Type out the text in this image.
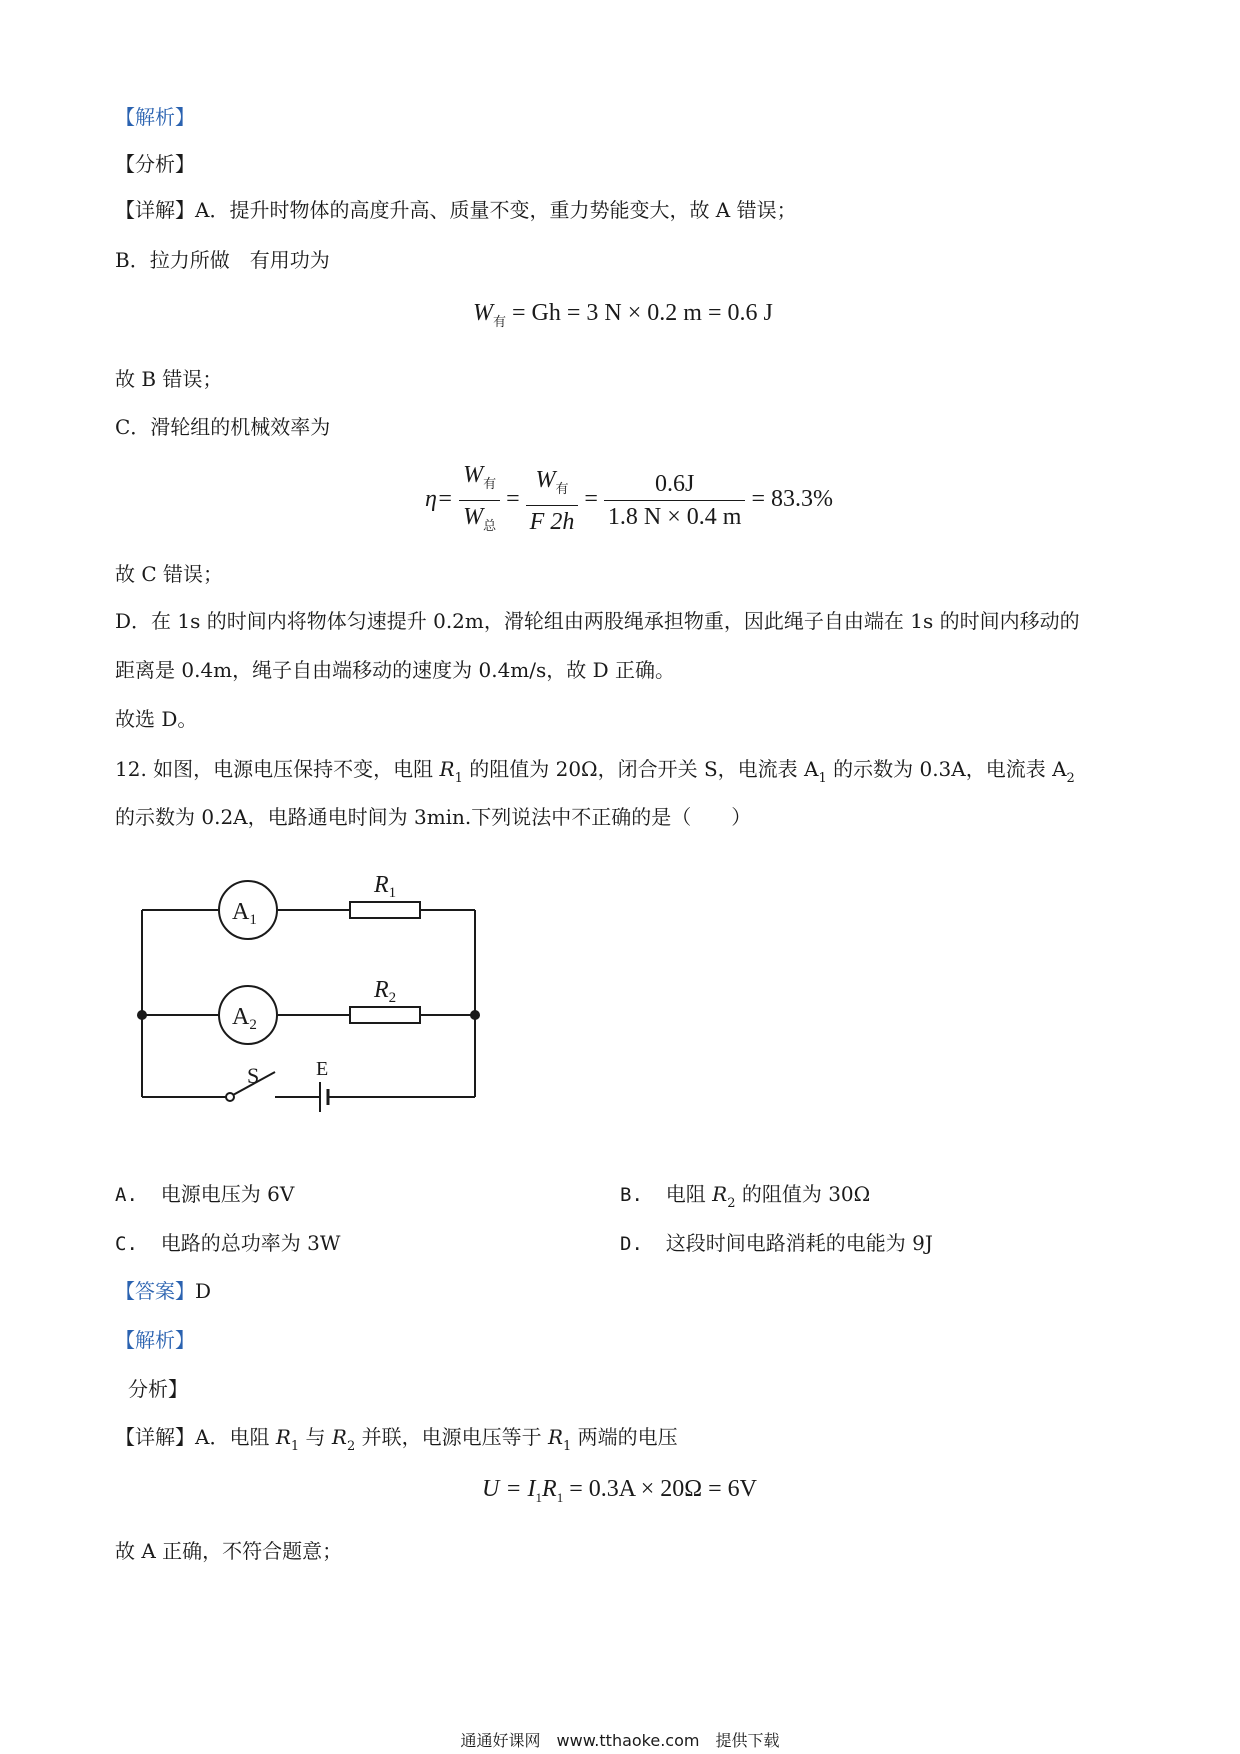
【解析】
【分析】
【详解】A．提升时物体的高度升高、质量不变，重力势能变大，故 A 错误；
B．拉力所做　有用功为
$W_有 = Gh = 3$ N × 0.2 m = 0.6 J
故 B 错误；
C．滑轮组的机械效率为
$\eta= \frac{W_有}{W_总} = \frac{W_有}{F 2h} = \frac{0.6J}{1.8 N \times 0.4 m} = 83.3\%$
故 C 错误；
D．在 1s 的时间内将物体匀速提升 0.2m，滑轮组由两股绳承担物重，因此绳子自由端在 1s 的时间内移动的
距离是 0.4m，绳子自由端移动的速度为 0.4m/s，故 D 正确。
故选 D。
12. 如图，电源电压保持不变，电阻 $R_1$ 的阻值为 20Ω，闭合开关 S，电流表 $A_1$ 的示数为 0.3A，电流表 $A_2$
的示数为 0.2A，电路通电时间为 3min.下列说法中不正确的是（　　）
$A_1$
$A_2$
$R_1$
$R_2$
S	E
A. 电源电压为 6V	B. 电阻 $R_2$ 的阻值为 30Ω
C. 电路的总功率为 3W	D. 这段时间电路消耗的电能为 9J
【答案】D
【解析】
分析】
【详解】A．电阻 $R_1$ 与 $R_2$ 并联，电源电压等于 $R_1$ 两端的电压
$U = I_1R_1 = 0.3A \times 20\Omega = 6V$
故 A 正确，不符合题意；
通通好课网　www.tthaoke.com　提供下载
